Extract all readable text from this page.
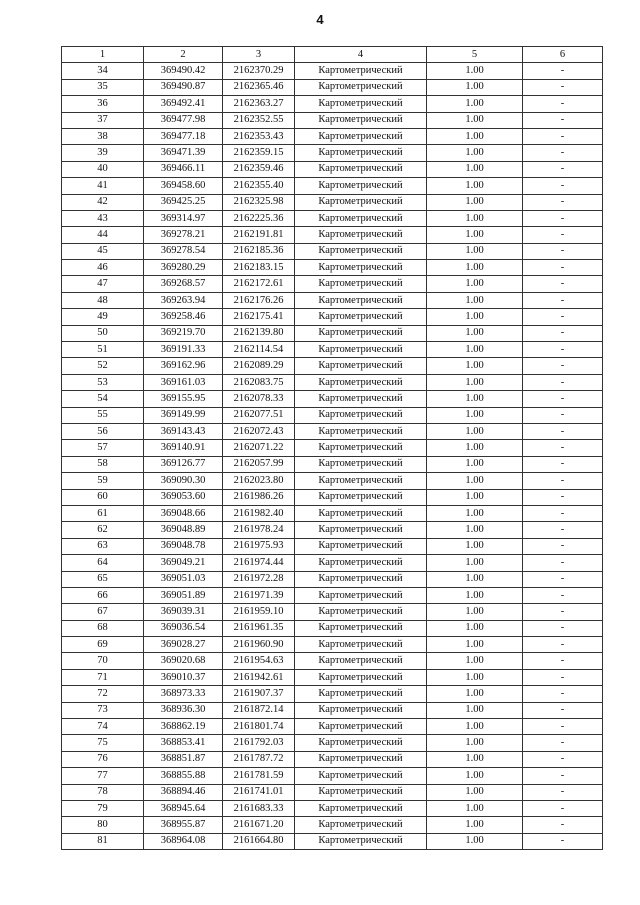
4
1	2	3	4	5	6
34	369490.42	2162370.29	Картометрический	1.00	-
35	369490.87	2162365.46	Картометрический	1.00	-
36	369492.41	2162363.27	Картометрический	1.00	-
37	369477.98	2162352.55	Картометрический	1.00	-
38	369477.18	2162353.43	Картометрический	1.00	-
39	369471.39	2162359.15	Картометрический	1.00	-
40	369466.11	2162359.46	Картометрический	1.00	-
41	369458.60	2162355.40	Картометрический	1.00	-
42	369425.25	2162325.98	Картометрический	1.00	-
43	369314.97	2162225.36	Картометрический	1.00	-
44	369278.21	2162191.81	Картометрический	1.00	-
45	369278.54	2162185.36	Картометрический	1.00	-
46	369280.29	2162183.15	Картометрический	1.00	-
47	369268.57	2162172.61	Картометрический	1.00	-
48	369263.94	2162176.26	Картометрический	1.00	-
49	369258.46	2162175.41	Картометрический	1.00	-
50	369219.70	2162139.80	Картометрический	1.00	-
51	369191.33	2162114.54	Картометрический	1.00	-
52	369162.96	2162089.29	Картометрический	1.00	-
53	369161.03	2162083.75	Картометрический	1.00	-
54	369155.95	2162078.33	Картометрический	1.00	-
55	369149.99	2162077.51	Картометрический	1.00	-
56	369143.43	2162072.43	Картометрический	1.00	-
57	369140.91	2162071.22	Картометрический	1.00	-
58	369126.77	2162057.99	Картометрический	1.00	-
59	369090.30	2162023.80	Картометрический	1.00	-
60	369053.60	2161986.26	Картометрический	1.00	-
61	369048.66	2161982.40	Картометрический	1.00	-
62	369048.89	2161978.24	Картометрический	1.00	-
63	369048.78	2161975.93	Картометрический	1.00	-
64	369049.21	2161974.44	Картометрический	1.00	-
65	369051.03	2161972.28	Картометрический	1.00	-
66	369051.89	2161971.39	Картометрический	1.00	-
67	369039.31	2161959.10	Картометрический	1.00	-
68	369036.54	2161961.35	Картометрический	1.00	-
69	369028.27	2161960.90	Картометрический	1.00	-
70	369020.68	2161954.63	Картометрический	1.00	-
71	369010.37	2161942.61	Картометрический	1.00	-
72	368973.33	2161907.37	Картометрический	1.00	-
73	368936.30	2161872.14	Картометрический	1.00	-
74	368862.19	2161801.74	Картометрический	1.00	-
75	368853.41	2161792.03	Картометрический	1.00	-
76	368851.87	2161787.72	Картометрический	1.00	-
77	368855.88	2161781.59	Картометрический	1.00	-
78	368894.46	2161741.01	Картометрический	1.00	-
79	368945.64	2161683.33	Картометрический	1.00	-
80	368955.87	2161671.20	Картометрический	1.00	-
81	368964.08	2161664.80	Картометрический	1.00	-
